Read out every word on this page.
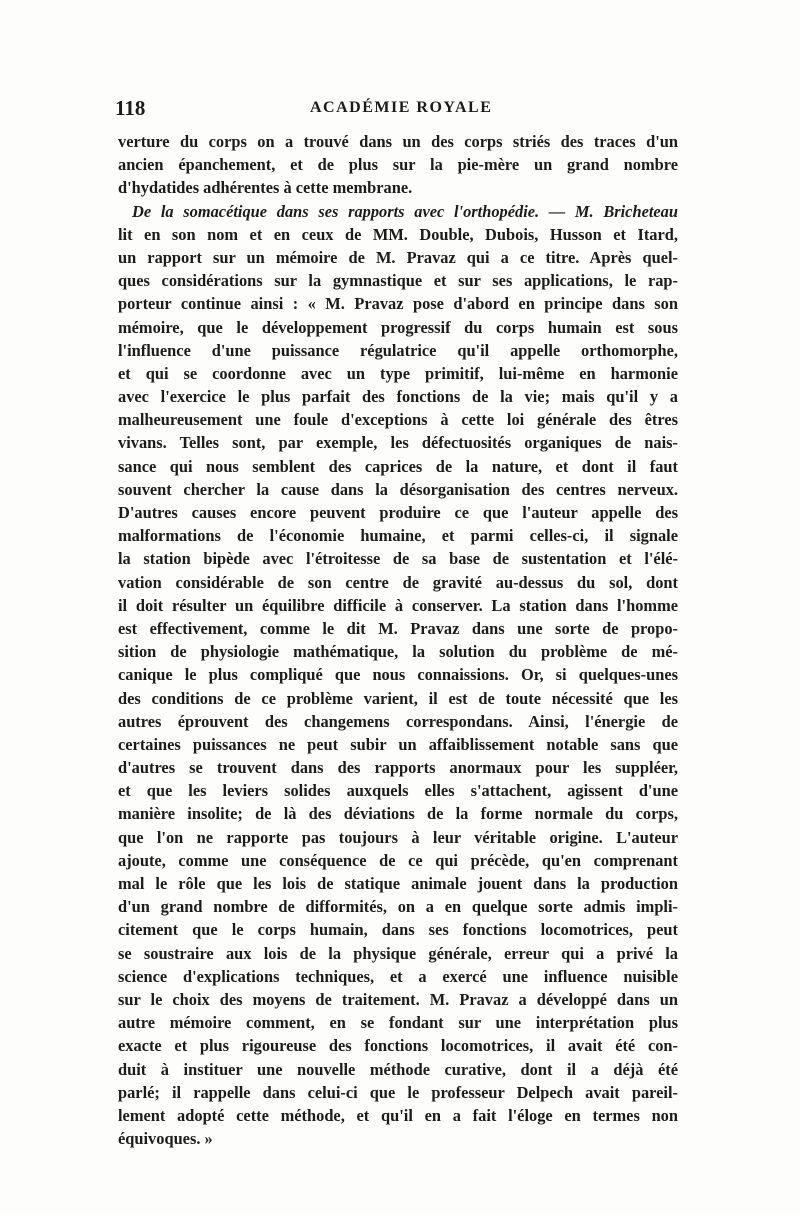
118	ACADÉMIE ROYALE
verture du corps on a trouvé dans un des corps striés des traces d'un
ancien épanchement, et de plus sur la pie-mère un grand nombre
d'hydatides adhérentes à cette membrane.
De la somacétique dans ses rapports avec l'orthopédie. — M. Bricheteau
lit en son nom et en ceux de MM. Double, Dubois, Husson et Itard,
un rapport sur un mémoire de M. Pravaz qui a ce titre. Après quel-
ques considérations sur la gymnastique et sur ses applications, le rap-
porteur continue ainsi : « M. Pravaz pose d'abord en principe dans son
mémoire, que le développement progressif du corps humain est sous
l'influence d'une puissance régulatrice qu'il appelle orthomorphe,
et qui se coordonne avec un type primitif, lui-même en harmonie
avec l'exercice le plus parfait des fonctions de la vie; mais qu'il y a
malheureusement une foule d'exceptions à cette loi générale des êtres
vivans. Telles sont, par exemple, les défectuosités organiques de nais-
sance qui nous semblent des caprices de la nature, et dont il faut
souvent chercher la cause dans la désorganisation des centres nerveux.
D'autres causes encore peuvent produire ce que l'auteur appelle des
malformations de l'économie humaine, et parmi celles-ci, il signale
la station bipède avec l'étroitesse de sa base de sustentation et l'élé-
vation considérable de son centre de gravité au-dessus du sol, dont
il doit résulter un équilibre difficile à conserver. La station dans l'homme
est effectivement, comme le dit M. Pravaz dans une sorte de propo-
sition de physiologie mathématique, la solution du problème de mé-
canique le plus compliqué que nous connaissions. Or, si quelques-unes
des conditions de ce problème varient, il est de toute nécessité que les
autres éprouvent des changemens correspondans. Ainsi, l'énergie de
certaines puissances ne peut subir un affaiblissement notable sans que
d'autres se trouvent dans des rapports anormaux pour les suppléer,
et que les leviers solides auxquels elles s'attachent, agissent d'une
manière insolite; de là des déviations de la forme normale du corps,
que l'on ne rapporte pas toujours à leur véritable origine. L'auteur
ajoute, comme une conséquence de ce qui précède, qu'en comprenant
mal le rôle que les lois de statique animale jouent dans la production
d'un grand nombre de difformités, on a en quelque sorte admis impli-
citement que le corps humain, dans ses fonctions locomotrices, peut
se soustraire aux lois de la physique générale, erreur qui a privé la
science d'explications techniques, et a exercé une influence nuisible
sur le choix des moyens de traitement. M. Pravaz a développé dans un
autre mémoire comment, en se fondant sur une interprétation plus
exacte et plus rigoureuse des fonctions locomotrices, il avait été con-
duit à instituer une nouvelle méthode curative, dont il a déjà été
parlé; il rappelle dans celui-ci que le professeur Delpech avait pareil-
lement adopté cette méthode, et qu'il en a fait l'éloge en termes non
équivoques. »
